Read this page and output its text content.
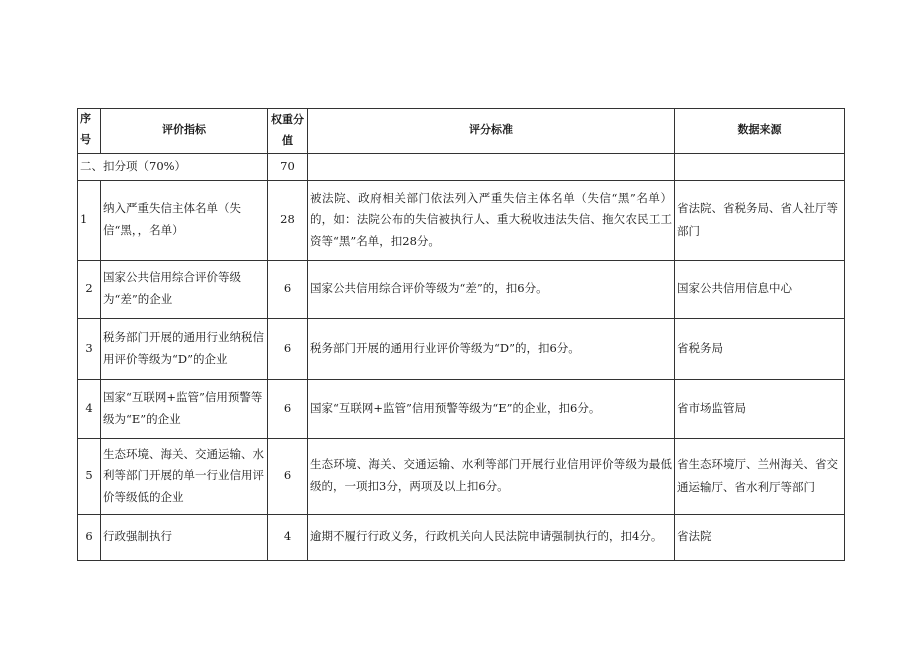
序号	评价指标	权重分值	评分标准	数据来源
二、扣分项（70%）		70		
1	纳入严重失信主体名单（失信“黑，，名单）	28	被法院、政府相关部门依法列入严重失信主体名单（失信“黑”名单）的，如：法院公布的失信被执行人、重大税收违法失信、拖欠农民工工资等“黑”名单，扣28分。	省法院、省税务局、省人社厅等部门

2	国家公共信用综合评价等级为“差”的企业	6	国家公共信用综合评价等级为“差”的，扣6分。	国家公共信用信息中心

3	税务部门开展的通用行业纳税信用评价等级为“D”的企业	6	税务部门开展的通用行业评价等级为“D”的，扣6分。	省税务局

4	国家“互联网+监管”信用预警等级为“E”的企业	6	国家“互联网+监管”信用预警等级为“E”的企业，扣6分。	省市场监管局

5	生态环境、海关、交通运输、水利等部门开展的单一行业信用评价等级低的企业	6	生态环境、海关、交通运输、水利等部门开展行业信用评价等级为最低级的，一项扣3分，两项及以上扣6分。	省生态环境厅、兰州海关、省交通运输厅、省水利厅等部门

6	行政强制执行	4	逾期不履行行政义务，行政机关向人民法院申请强制执行的，扣4分。	省法院
